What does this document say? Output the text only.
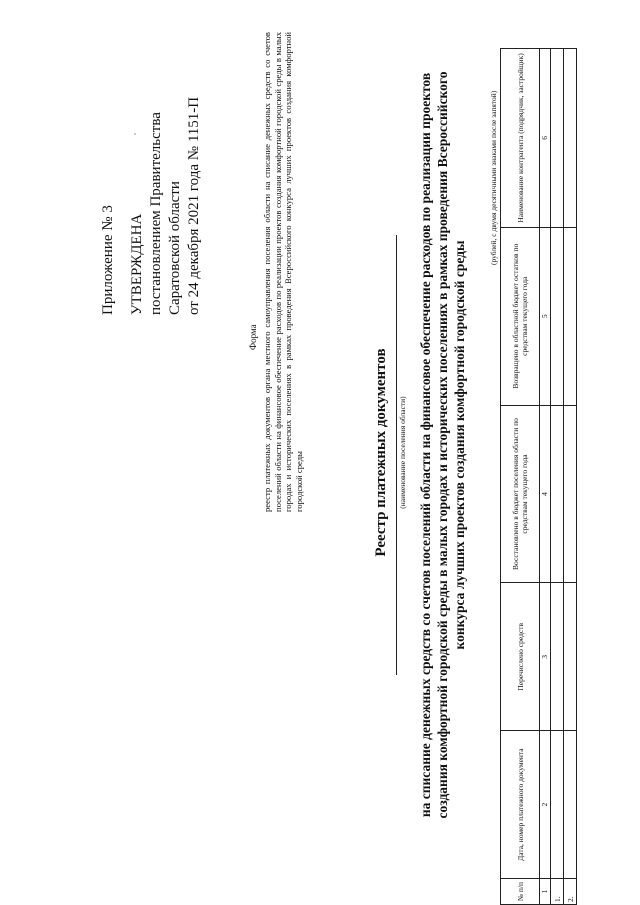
Приложение № 3 УТВЕРЖДЕНА постановлением Правительства Саратовской области от 24 декабря 2021 года № 1151-П
Форма реестр платежных документов органа местного самоуправления поселения области на списание денежных средств со счетов поселений области на финансовое обеспечение расходов по реализации проектов создания комфортной городской среды в малых городах и исторических поселениях в рамках проведения Всероссийского конкурса лучших проектов создания комфортной городской среды	Реестр платежных документов (наименование поселения области) на списание денежных средств со счетов поселений области на финансовое обеспечение расходов по реализации проектов создания комфортной городской среды в малых городах и исторических поселениях в рамках проведения Всероссийского конкурса лучших проектов создания комфортной городской среды
(рублей, с двумя десятичными знаками после запятой)
№ п/п	Дата, номер платежного документа	Перечислено средств	Восстановлено в бюджет поселения области по средствам текущего года	Возвращено в областной бюджет остатков по средствам текущего года	Наименование контрагента (подрядчик, застройщик)
1	2	3	4	5	6
1.					
2.					
